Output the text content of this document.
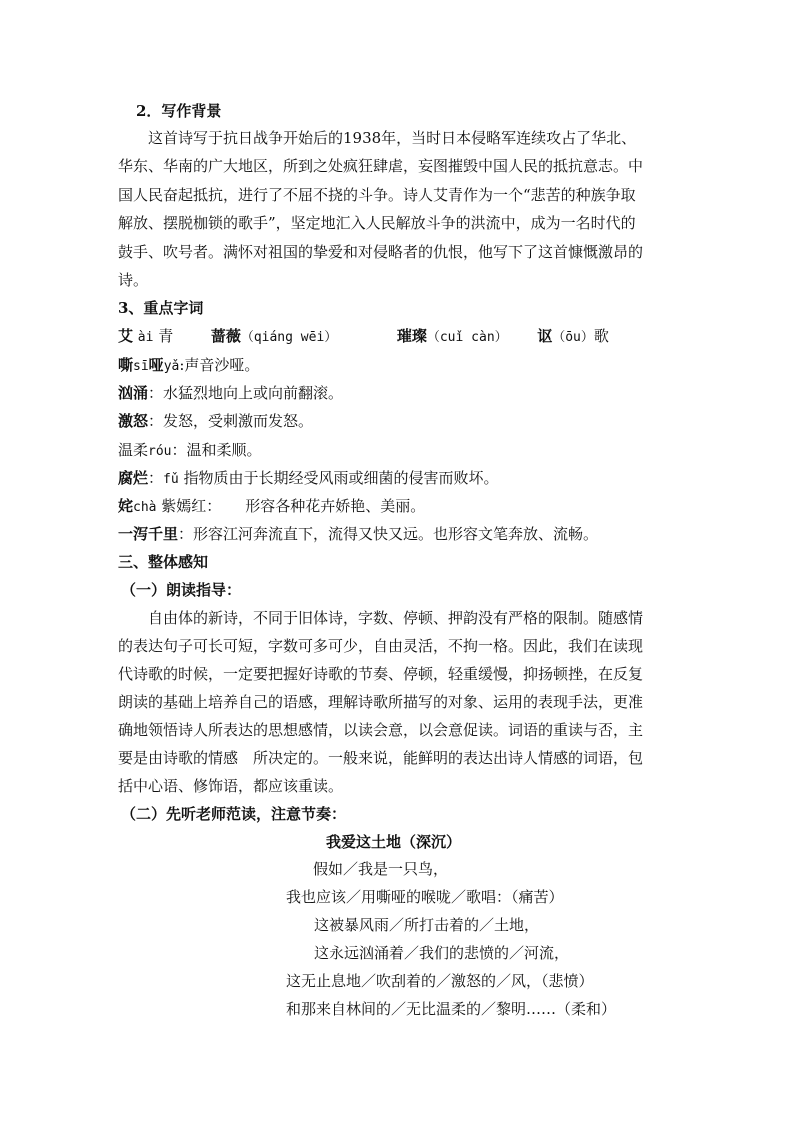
2．写作背景
这首诗写于抗日战争开始后的1938年，当时日本侵略军连续攻占了华北、
华东、华南的广大地区，所到之处疯狂肆虐，妄图摧毁中国人民的抵抗意志。中
国人民奋起抵抗，进行了不屈不挠的斗争。诗人艾青作为一个“悲苦的种族争取
解放、摆脱枷锁的歌手”，坚定地汇入人民解放斗争的洪流中，成为一名时代的
鼓手、吹号者。满怀对祖国的挚爱和对侵略者的仇恨，他写下了这首慷慨激昂的
诗。
3、重点字词
艾 ài 青	蔷薇（qiáng wēi）	璀璨（cuǐ càn） 讴（ōu）歌
嘶sī哑yǎ:声音沙哑。
汹涌：水猛烈地向上或向前翻滚。
激怒：发怒，受刺激而发怒。
温柔róu：温和柔顺。
腐烂：fǔ 指物质由于长期经受风雨或细菌的侵害而败坏。
姹chà 紫嫣红： 形容各种花卉娇艳、美丽。
一泻千里：形容江河奔流直下，流得又快又远。也形容文笔奔放、流畅。
三、整体感知
（一）朗读指导：
自由体的新诗，不同于旧体诗，字数、停顿、押韵没有严格的限制。随感情
的表达句子可长可短，字数可多可少，自由灵活，不拘一格。因此，我们在读现
代诗歌的时候，一定要把握好诗歌的节奏、停顿，轻重缓慢，抑扬顿挫，在反复
朗读的基础上培养自己的语感，理解诗歌所描写的对象、运用的表现手法，更准
确地领悟诗人所表达的思想感情，以读会意，以会意促读。词语的重读与否，主
要是由诗歌的情感　所决定的。一般来说，能鲜明的表达出诗人情感的词语，包
括中心语、修饰语，都应该重读。
（二）先听老师范读，注意节奏：
我爱这土地（深沉）
假如／我是一只鸟，
我也应该／用嘶哑的喉咙／歌唱：（痛苦）
这被暴风雨／所打击着的／土地，
这永远汹涌着／我们的悲愤的／河流，
这无止息地／吹刮着的／激怒的／风，（悲愤）
和那来自林间的／无比温柔的／黎明……（柔和）
